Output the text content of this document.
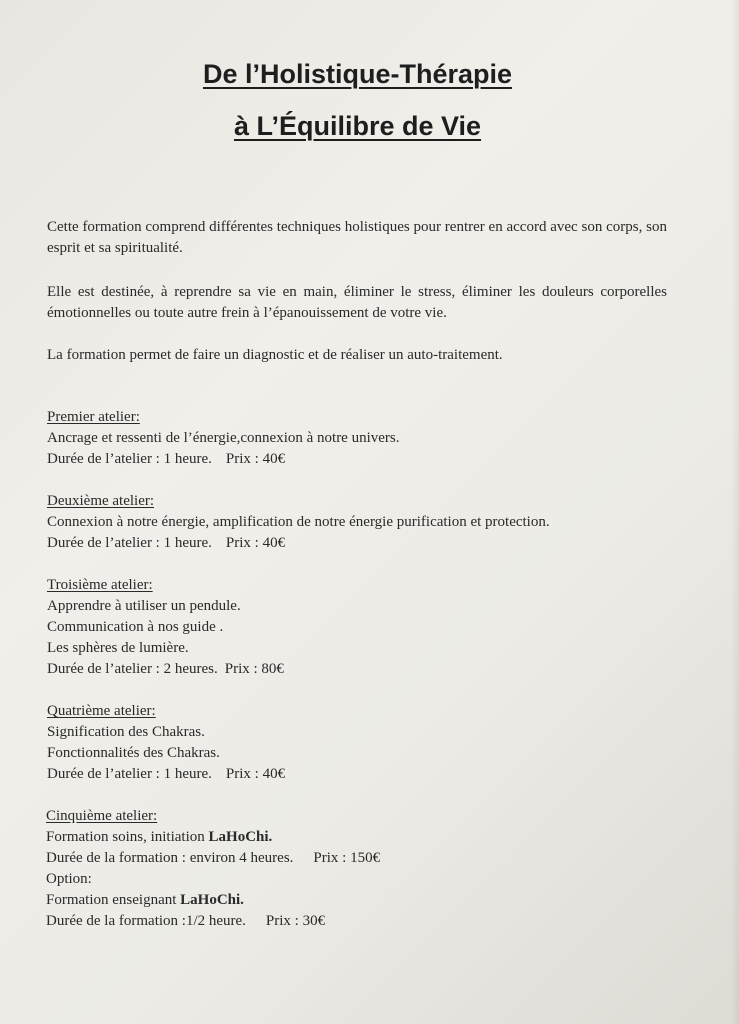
De l’Holistique-Thérapie
à L’Équilibre de Vie

Cette formation comprend différentes techniques holistiques pour rentrer en accord avec son corps, son esprit et sa spiritualité.

Elle est destinée, à reprendre sa vie en main, éliminer le stress, éliminer les douleurs corporelles émotionnelles ou toute autre frein à l’épanouissement de votre vie.

La formation permet de faire un diagnostic et de réaliser un auto-traitement.

Premier atelier:
Ancrage et ressenti de l’énergie,connexion à notre univers.
Durée de l’atelier : 1 heure. Prix : 40€
Deuxième atelier:
Connexion à notre énergie, amplification de notre énergie purification et protection.
Durée de l’atelier : 1 heure. Prix : 40€
Troisième atelier:
Apprendre à utiliser un pendule.
Communication à nos guide .
Les sphères de lumière.
Durée de l’atelier : 2 heures. Prix : 80€
Quatrième atelier:
Signification des Chakras.
Fonctionnalités des Chakras.
Durée de l’atelier : 1 heure. Prix : 40€
Cinquième atelier:
Formation soins, initiation LaHoChi.
Durée de la formation : environ 4 heures. Prix : 150€
Option:
Formation enseignant LaHoChi.
Durée de la formation :1/2 heure. Prix : 30€
